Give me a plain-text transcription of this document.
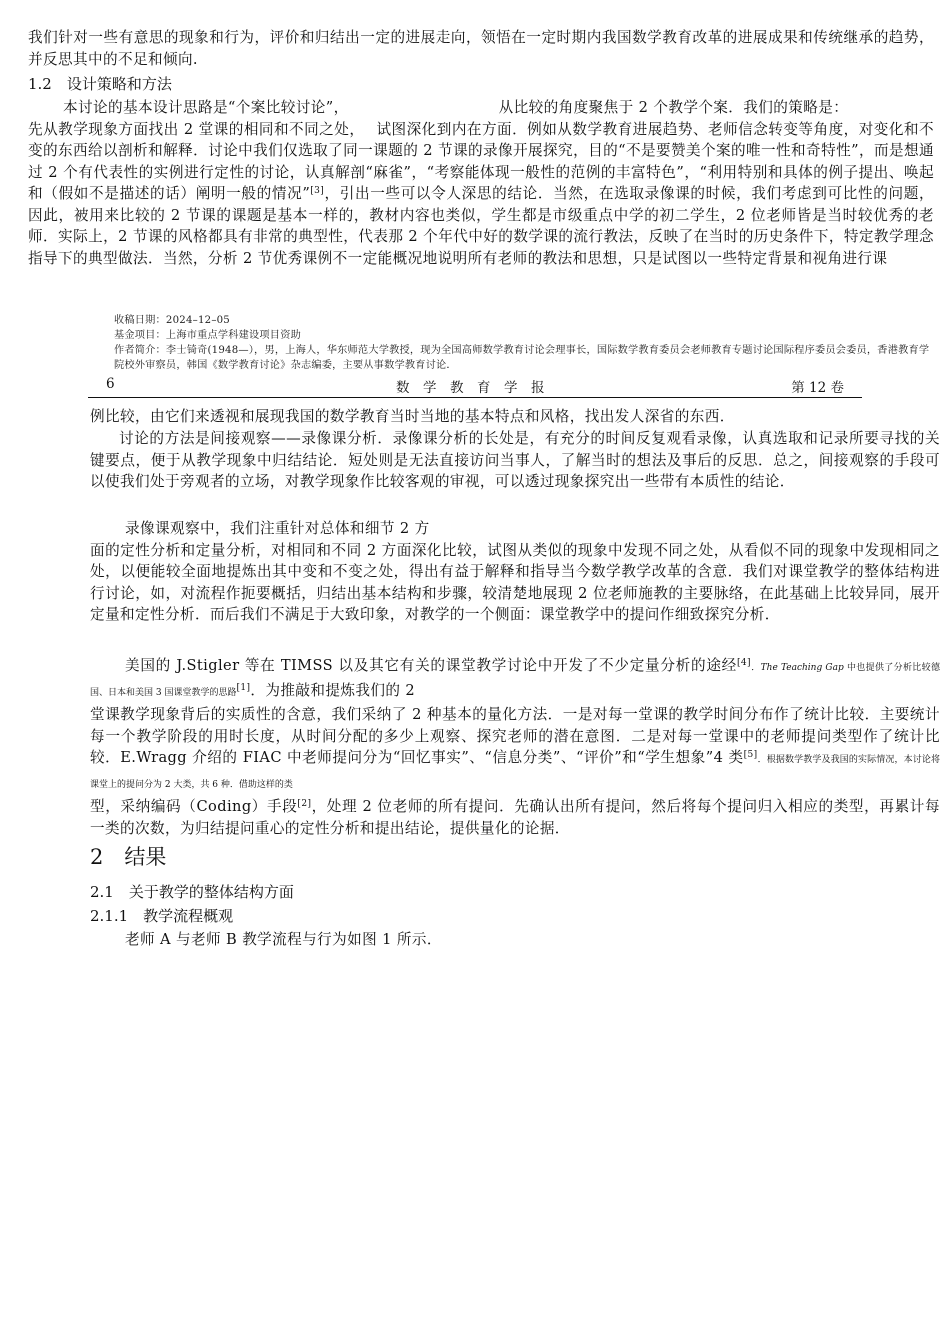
我们针对一些有意思的现象和行为，评价和归结出一定的进展走向，领悟在一定时期内我国数学教育改革的进展成果和传统继承的趋势，并反思其中的不足和倾向.

1.2　设计策略和方法

本讨论的基本设计思路是“个案比较讨论”，	从比较的角度聚焦于 2 个教学个案．我们的策略是：
先从教学现象方面找出 2 堂课的相同和不同之处， 试图深化到内在方面．例如从数学教育进展趋势、老师信念转变等角度，对变化和不变的东西给以剖析和解释．讨论中我们仅选取了同一课题的 2 节课的录像开展探究，目的“不是要赞美个案的唯一性和奇特性”，而是想通过 2 个有代表性的实例进行定性的讨论，认真解剖“麻雀”，“考察能体现一般性的范例的丰富特色”，“利用特别和具体的例子提出、唤起和（假如不是描述的话）阐明一般的情况”[3]，引出一些可以令人深思的结论．当然，在选取录像课的时候，我们考虑到可比性的问题，因此，被用来比较的 2 节课的课题是基本一样的，教材内容也类似，学生都是市级重点中学的初二学生，2 位老师皆是当时较优秀的老师．实际上，2 节课的风格都具有非常的典型性，代表那 2 个年代中好的数学课的流行教法，反映了在当时的历史条件下，特定教学理念指导下的典型做法．当然，分析 2 节优秀课例不一定能概况地说明所有老师的教法和思想，只是试图以一些特定背景和视角进行课
收稿日期：2024–12–05
基金项目：上海市重点学科建设项目资助
作者简介：李士锜奇(1948—），男，上海人，华东师范大学教授，现为全国高师数学教育讨论会理事长，国际数学教育委员会老师教育专题讨论国际程序委员会委员，香港教育学院校外审察员，韩国《数学教育讨论》杂志编委，主要从事数学教育讨论．
6	数　学　教　育　学　报	第 12 卷

例比较，由它们来透视和展现我国的数学教育当时当地的基本特点和风格，找出发人深省的东西．

讨论的方法是间接观察——录像课分析．录像课分析的长处是，有充分的时间反复观看录像，认真选取和记录所要寻找的关键要点，便于从教学现象中归结结论．短处则是无法直接访问当事人，了解当时的想法及事后的反思．总之，间接观察的手段可以使我们处于旁观者的立场，对教学现象作比较客观的审视，可以透过现象探究出一些带有本质性的结论．

录像课观察中，我们注重针对总体和细节 2 方
面的定性分析和定量分析，对相同和不同 2 方面深化比较，试图从类似的现象中发现不同之处，从看似不同的现象中发现相同之处，以便能较全面地提炼出其中变和不变之处，得出有益于解释和指导当今数学教学改革的含意．我们对课堂教学的整体结构进行讨论，如，对流程作扼要概括，归结出基本结构和步骤，较清楚地展现 2 位老师施教的主要脉络，在此基础上比较异同，展开定量和定性分析．而后我们不满足于大致印象，对教学的一个侧面：课堂教学中的提问作细致探究分析．
美国的 J.Stigler 等在 TIMSS 以及其它有关的课堂教学讨论中开发了不少定量分析的途经[4]．The Teaching Gap 中也提供了分析比较德国、日本和美国 3 国课堂教学的思路[1]．为推敲和提炼我们的 2
堂课教学现象背后的实质性的含意，我们采纳了 2 种基本的量化方法．一是对每一堂课的教学时间分布作了统计比较．主要统计每一个教学阶段的用时长度，从时间分配的多少上观察、探究老师的潜在意图．二是对每一堂课中的老师提问类型作了统计比较．E.Wragg 介绍的 FIAC 中老师提问分为“回忆事实”、“信息分类”、“评价”和“学生想象”4 类[5]．根据数学教学及我国的实际情况，本讨论将课堂上的提问分为 2 大类，共 6 种．借助这样的类
型，采纳编码（Coding）手段[2]，处理 2 位老师的所有提问．先确认出所有提问，然后将每个提问归入相应的类型，再累计每一类的次数，为归结提问重心的定性分析和提出结论，提供量化的论据．

2　结果

2.1　关于教学的整体结构方面

2.1.1　教学流程概观

老师 A 与老师 B 教学流程与行为如图 1 所示．
